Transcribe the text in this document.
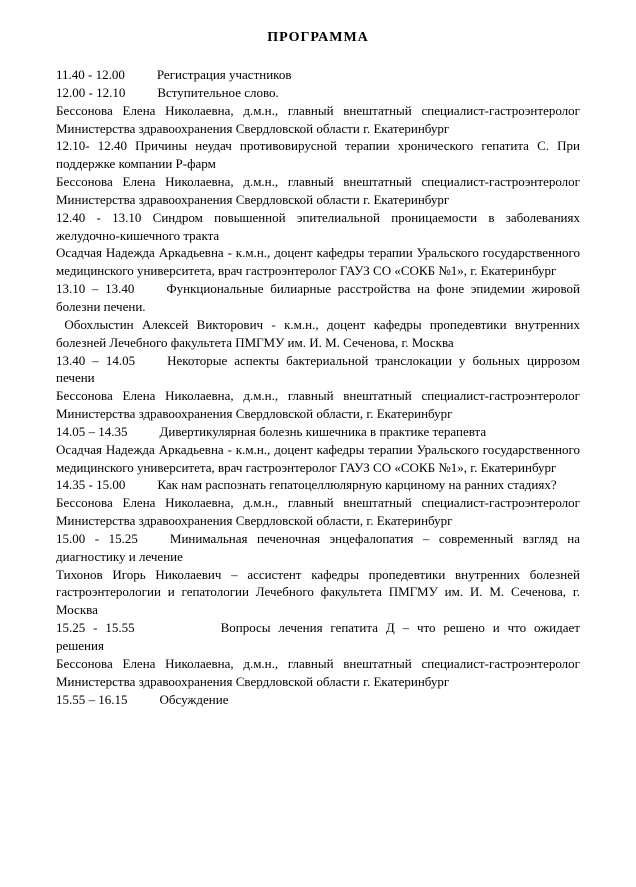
ПРОГРАММА

11.40 - 12.00 Регистрация участников

12.00 - 12.10 Вступительное слово.

Бессонова Елена Николаевна, д.м.н., главный внештатный специалист-гастроэнтеролог Министерства здравоохранения Свердловской области г. Екатеринбург

12.10- 12.40 Причины неудач противовирусной терапии хронического гепатита С. При поддержке компании Р-фарм

Бессонова Елена Николаевна, д.м.н., главный внештатный специалист-гастроэнтеролог Министерства здравоохранения Свердловской области г. Екатеринбург

12.40 - 13.10 Синдром повышенной эпителиальной проницаемости в заболеваниях желудочно-кишечного тракта

Осадчая Надежда Аркадьевна - к.м.н., доцент кафедры терапии Уральского государственного медицинского университета, врач гастроэнтеролог ГАУЗ СО «СОКБ №1», г. Екатеринбург

13.10 – 13.40 Функциональные билиарные расстройства на фоне эпидемии жировой болезни печени.

Обохлыстин Алексей Викторович - к.м.н., доцент кафедры пропедевтики внутренних болезней Лечебного факультета ПМГМУ им. И. М. Сеченова, г. Москва

13.40 – 14.05 Некоторые аспекты бактериальной транслокации у больных циррозом печени

Бессонова Елена Николаевна, д.м.н., главный внештатный специалист-гастроэнтеролог Министерства здравоохранения Свердловской области, г. Екатеринбург

14.05 – 14.35 Дивертикулярная болезнь кишечника в практике терапевта

Осадчая Надежда Аркадьевна - к.м.н., доцент кафедры терапии Уральского государственного медицинского университета, врач гастроэнтеролог ГАУЗ СО «СОКБ №1», г. Екатеринбург

14.35 - 15.00 Как нам распознать гепатоцеллюлярную карциному на ранних стадиях?

Бессонова Елена Николаевна, д.м.н., главный внештатный специалист-гастроэнтеролог Министерства здравоохранения Свердловской области, г. Екатеринбург

15.00 - 15.25 Минимальная печеночная энцефалопатия – современный взгляд на диагностику и лечение

Тихонов Игорь Николаевич – ассистент кафедры пропедевтики внутренних болезней гастроэнтерологии и гепатологии Лечебного факультета ПМГМУ им. И. М. Сеченова, г. Москва

15.25 - 15.55	Вопросы лечения гепатита Д – что решено и что ожидает решения

Бессонова Елена Николаевна, д.м.н., главный внештатный специалист-гастроэнтеролог Министерства здравоохранения Свердловской области г. Екатеринбург

15.55 – 16.15 Обсуждение
